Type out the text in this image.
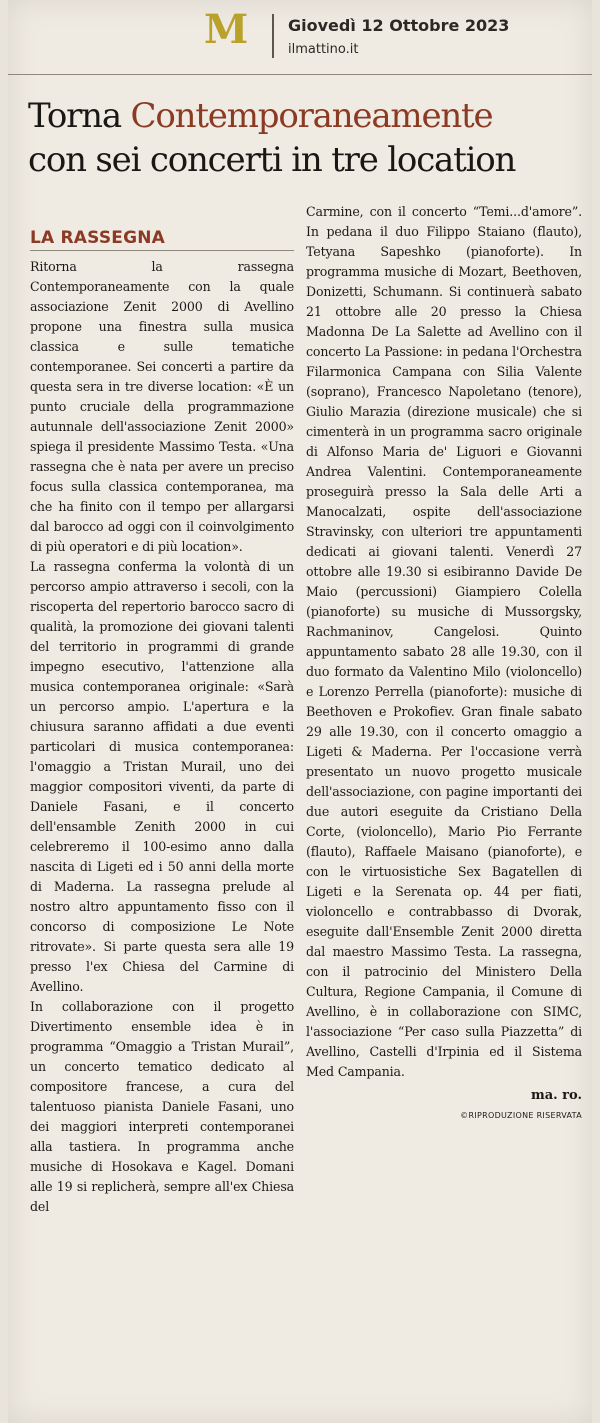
M Giovedì 12 Ottobre 2023
ilmattino.it
Torna Contemporaneamente
con sei concerti in tre location
LA RASSEGNA

Ritorna la rassegna Contemporaneamente con la quale associazione Zenit 2000 di Avellino propone una finestra sulla musica classica e sulle tematiche contemporanee. Sei concerti a partire da questa sera in tre diverse location: «È un punto cruciale della programmazione autunnale dell'associazione Zenit 2000» spiega il presidente Massimo Testa. «Una rassegna che è nata per avere un preciso focus sulla classica contemporanea, ma che ha finito con il tempo per allargarsi dal barocco ad oggi con il coinvolgimento di più operatori e di più location».

La rassegna conferma la volontà di un percorso ampio attraverso i secoli, con la riscoperta del repertorio barocco sacro di qualità, la promozione dei giovani talenti del territorio in programmi di grande impegno esecutivo, l'attenzione alla musica contemporanea originale: «Sarà un percorso ampio. L'apertura e la chiusura saranno affidati a due eventi particolari di musica contemporanea: l'omaggio a Tristan Murail, uno dei maggior compositori viventi, da parte di Daniele Fasani, e il concerto dell'ensamble Zenith 2000 in cui celebreremo il 100-esimo anno dalla nascita di Ligeti ed i 50 anni della morte di Maderna. La rassegna prelude al nostro altro appuntamento fisso con il concorso di composizione Le Note ritrovate». Si parte questa sera alle 19 presso l'ex Chiesa del Carmine di Avellino.

In collaborazione con il progetto Divertimento ensemble idea è in programma “Omaggio a Tristan Murail”, un concerto tematico dedicato al compositore francese, a cura del talentuoso pianista Daniele Fasani, uno dei maggiori interpreti contemporanei alla tastiera. In programma anche musiche di Hosokava e Kagel. Domani alle 19 si replicherà, sempre all'ex Chiesa del

Carmine, con il concerto “Temi...d'amore”. In pedana il duo Filippo Staiano (flauto), Tetyana Sapeshko (pianoforte). In programma musiche di Mozart, Beethoven, Donizetti, Schumann. Si continuerà sabato 21 ottobre alle 20 presso la Chiesa Madonna De La Salette ad Avellino con il concerto La Passione: in pedana l'Orchestra Filarmonica Campana con Silia Valente (soprano), Francesco Napoletano (tenore), Giulio Marazia (direzione musicale) che si cimenterà in un programma sacro originale di Alfonso Maria de' Liguori e Giovanni Andrea Valentini. Contemporaneamente proseguirà presso la Sala delle Arti a Manocalzati, ospite dell'associazione Stravinsky, con ulteriori tre appuntamenti dedicati ai giovani talenti. Venerdì 27 ottobre alle 19.30 si esibiranno Davide De Maio (percussioni) Giampiero Colella (pianoforte) su musiche di Mussorgsky, Rachmaninov, Cangelosi. Quinto appuntamento sabato 28 alle 19.30, con il duo formato da Valentino Milo (violoncello) e Lorenzo Perrella (pianoforte): musiche di Beethoven e Prokofiev. Gran finale sabato 29 alle 19.30, con il concerto omaggio a Ligeti & Maderna. Per l'occasione verrà presentato un nuovo progetto musicale dell'associazione, con pagine importanti dei due autori eseguite da Cristiano Della Corte, (violoncello), Mario Pio Ferrante (flauto), Raffaele Maisano (pianoforte), e con le virtuosistiche Sex Bagatellen di Ligeti e la Serenata op. 44 per fiati, violoncello e contrabbasso di Dvorak, eseguite dall'Ensemble Zenit 2000 diretta dal maestro Massimo Testa. La rassegna, con il patrocinio del Ministero Della Cultura, Regione Campania, il Comune di Avellino, è in collaborazione con SIMC, l'associazione “Per caso sulla Piazzetta” di Avellino, Castelli d'Irpinia ed il Sistema Med Campania.

ma. ro.
©RIPRODUZIONE RISERVATA
